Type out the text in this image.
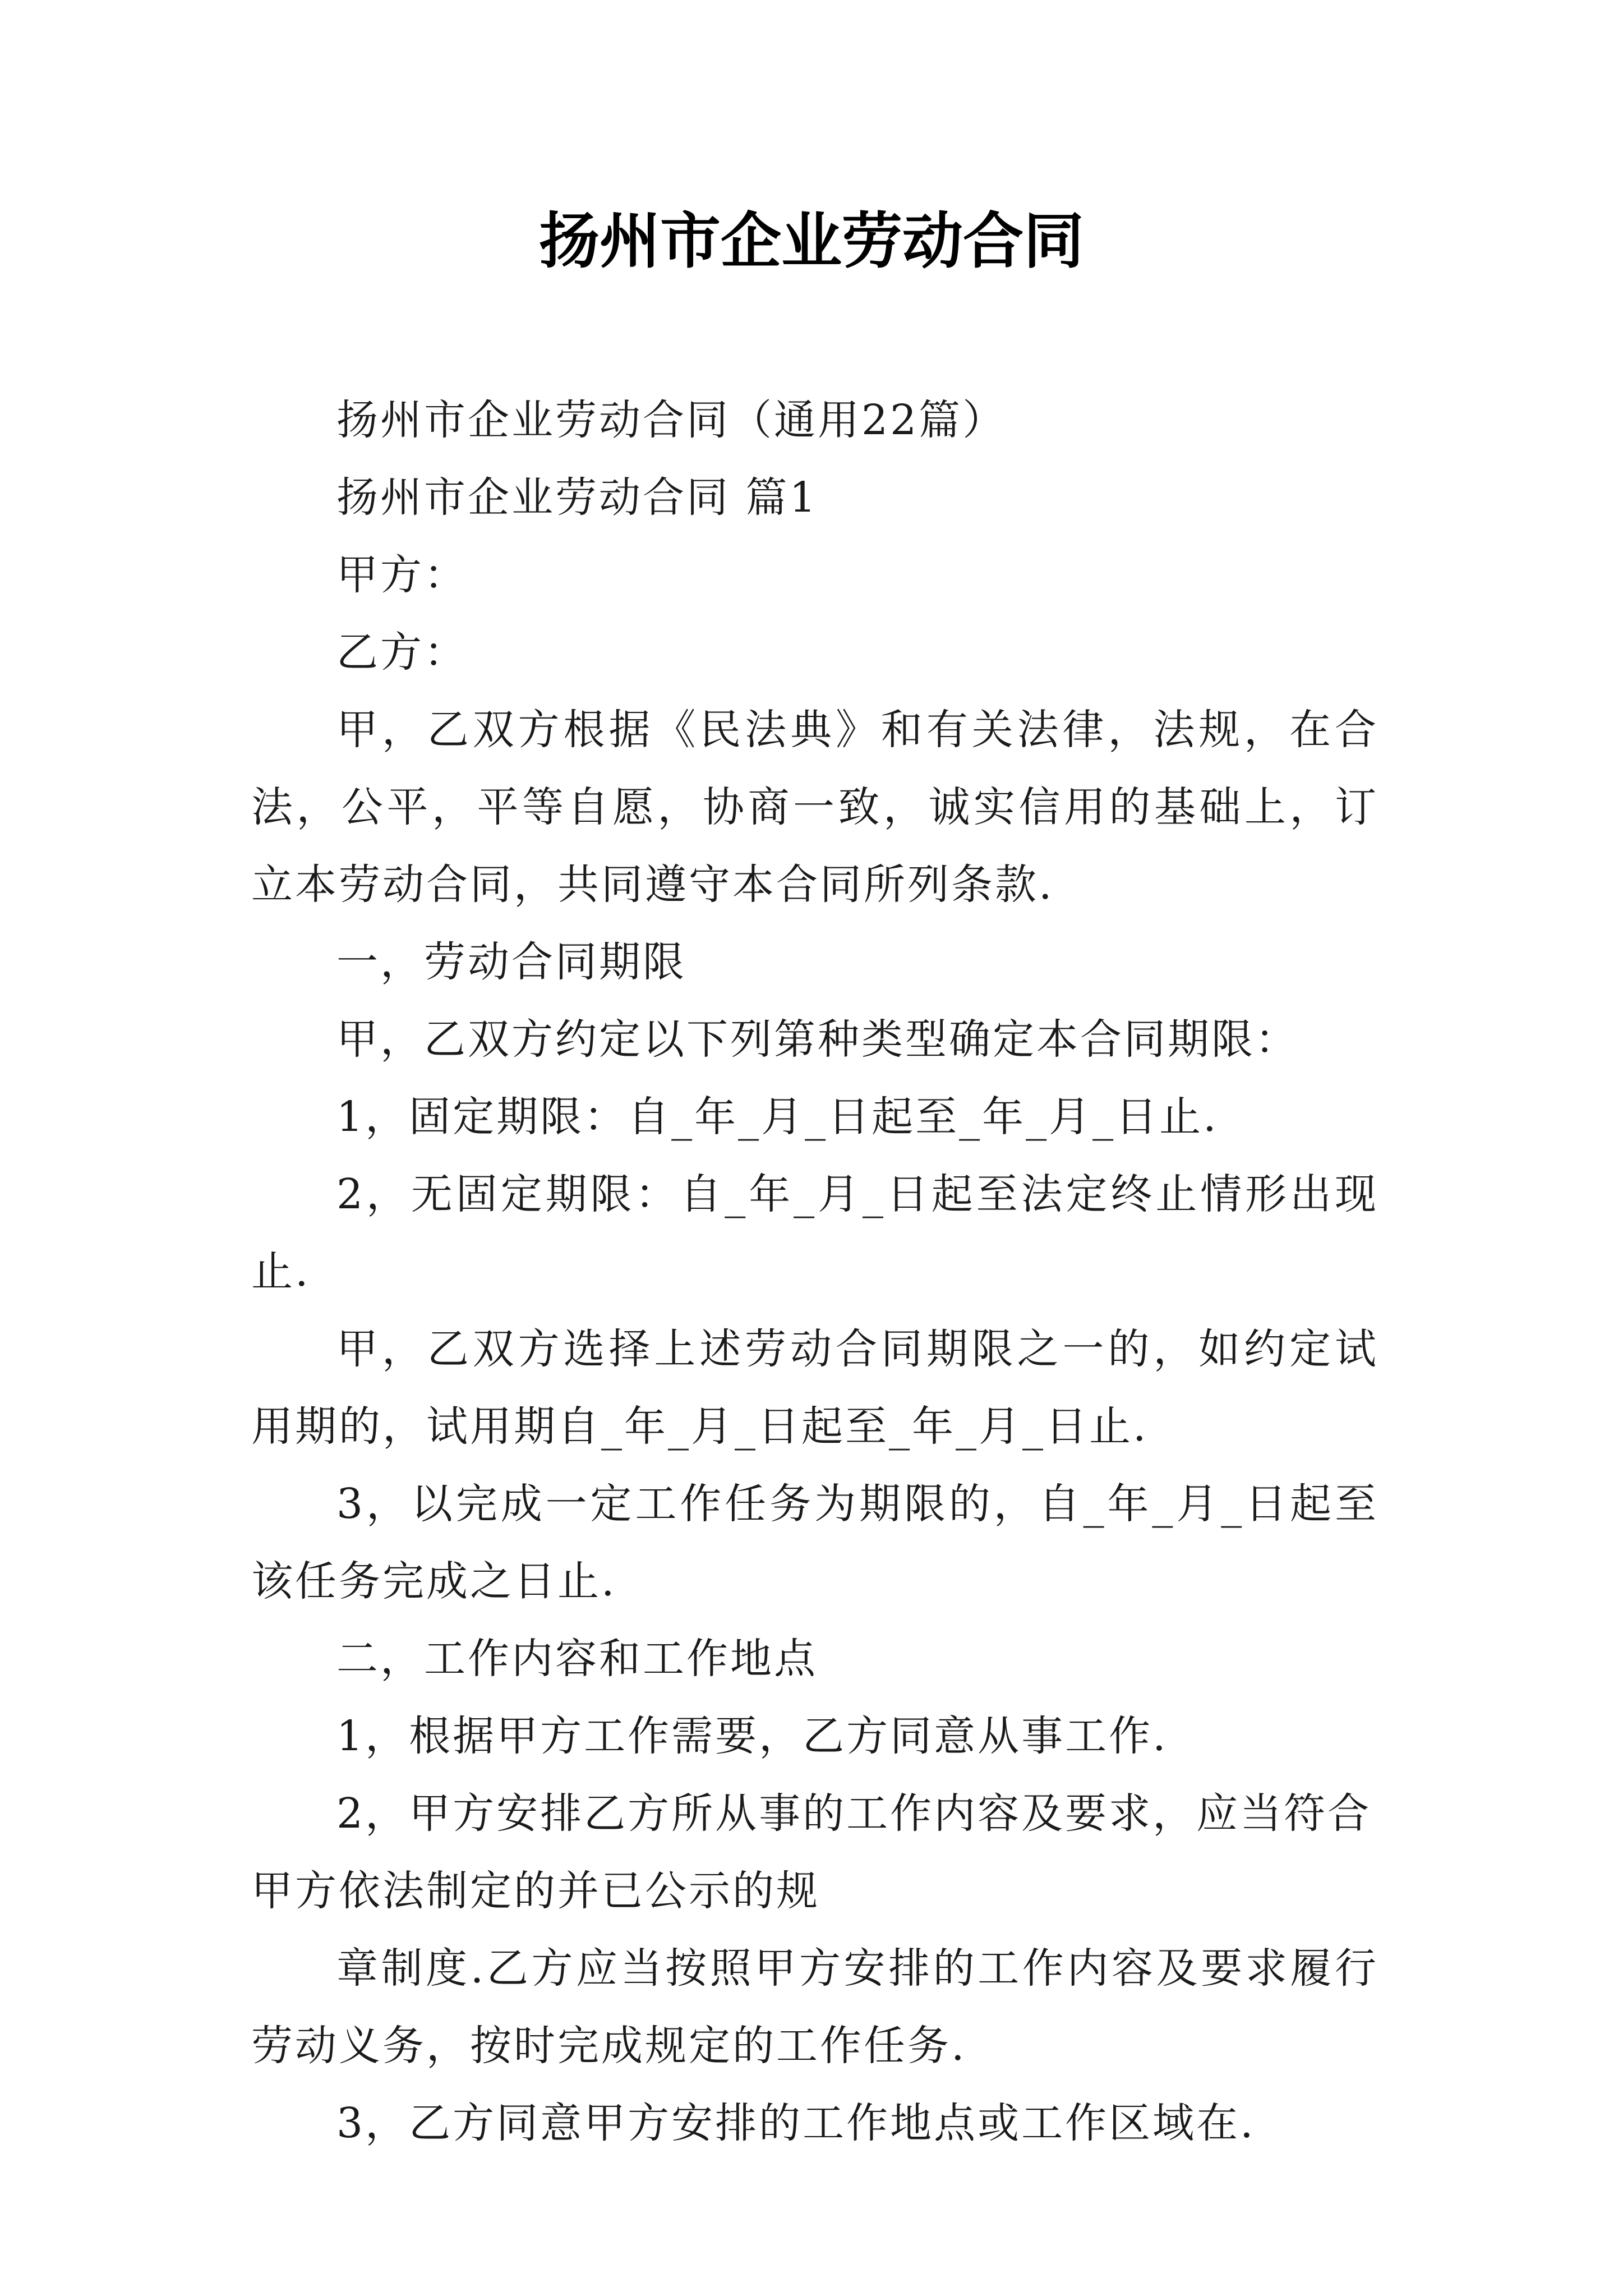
扬州市企业劳动合同

扬州市企业劳动合同（通用22篇）

扬州市企业劳动合同 篇1

甲方：

乙方：

甲，乙双方根据《民法典》和有关法律，法规，在合法，公平，平等自愿，协商一致，诚实信用的基础上，订立本劳动合同，共同遵守本合同所列条款.

一，劳动合同期限

甲，乙双方约定以下列第种类型确定本合同期限：

1，固定期限：自_年_月_日起至_年_月_日止.

2，无固定期限：自_年_月_日起至法定终止情形出现止.

甲，乙双方选择上述劳动合同期限之一的，如约定试用期的，试用期自_年_月_日起至_年_月_日止.

3，以完成一定工作任务为期限的，自_年_月_日起至该任务完成之日止.

二，工作内容和工作地点

1，根据甲方工作需要，乙方同意从事工作.

2，甲方安排乙方所从事的工作内容及要求，应当符合甲方依法制定的并已公示的规

章制度.乙方应当按照甲方安排的工作内容及要求履行劳动义务，按时完成规定的工作任务.

3，乙方同意甲方安排的工作地点或工作区域在.
